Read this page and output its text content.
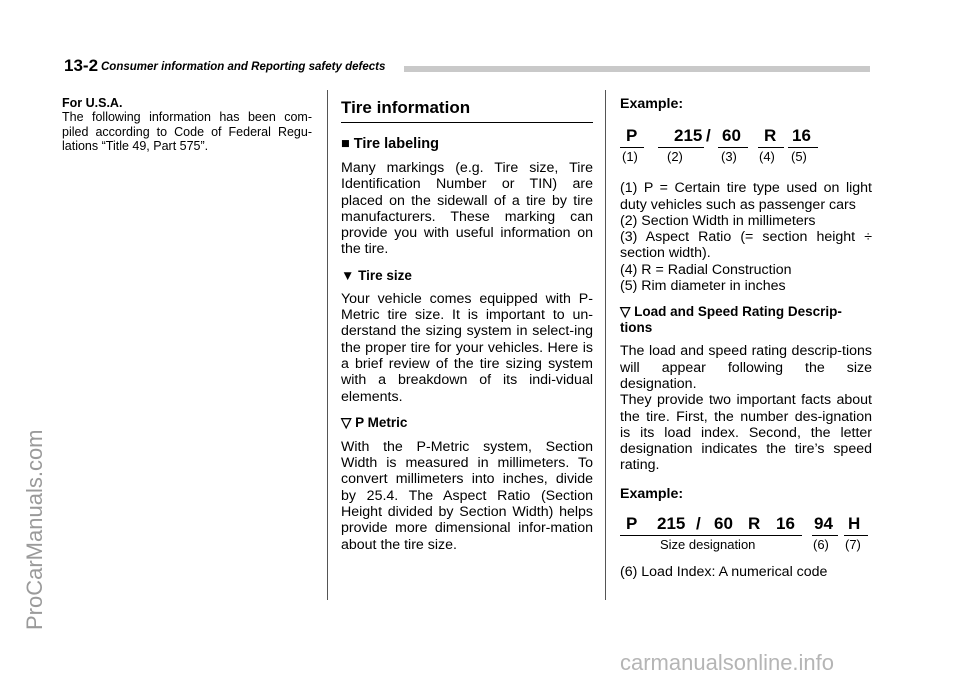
13-2 Consumer information and Reporting safety defects
ProCarManuals.com
carmanualsonline.info
For U.S.A.
The following information has been com-piled according to Code of Federal Regu-lations “Title 49, Part 575”.
Tire information
■ Tire labeling
Many markings (e.g. Tire size, Tire Identification Number or TIN) are placed on the sidewall of a tire by tire manufacturers. These marking can provide you with useful information on the tire.
▼ Tire size
Your vehicle comes equipped with P-Metric tire size. It is important to un-derstand the sizing system in select-ing the proper tire for your vehicles. Here is a brief review of the tire sizing system with a breakdown of its indi-vidual elements.
▽ P Metric
With the P-Metric system, Section Width is measured in millimeters. To convert millimeters into inches, divide by 25.4. The Aspect Ratio (Section Height divided by Section Width) helps provide more dimensional infor-mation about the tire size.
Example:
P 215 / 60 R 16
(1) (2)	(3) (4) (5)
(1) P = Certain tire type used on light duty vehicles such as passenger cars
(2) Section Width in millimeters
(3) Aspect Ratio (= section height ÷ section width).
(4) R = Radial Construction
(5) Rim diameter in inches
▽ Load and Speed Rating Descrip-tions
The load and speed rating descrip-tions will appear following the size designation.
They provide two important facts about the tire. First, the number des-ignation is its load index. Second, the letter designation indicates the tire’s speed rating.
Example:
P 215 / 60 R 16 94 H
Size designation	(6) (7)
(6) Load Index: A numerical code
